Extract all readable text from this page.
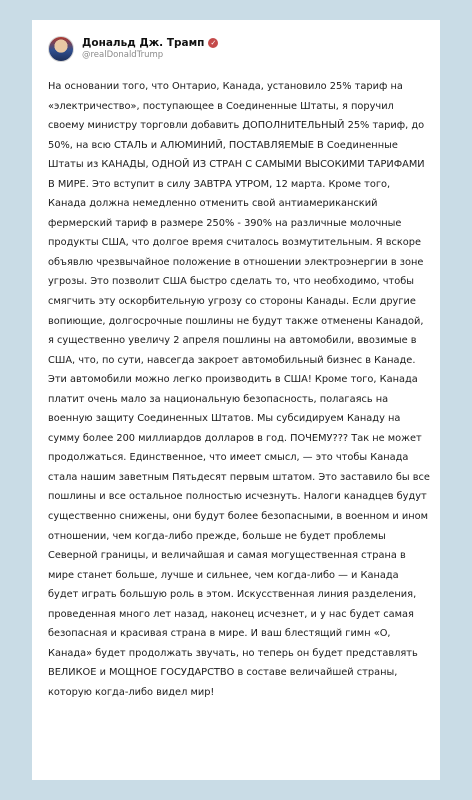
Дональд Дж. Трамп ✓
@realDonaldTrump
На основании того, что Онтарио, Канада, установило 25% тариф на «электричество», поступающее в Соединенные Штаты, я поручил своему министру торговли добавить ДОПОЛНИТЕЛЬНЫЙ 25% тариф, до 50%, на всю СТАЛЬ и АЛЮМИНИЙ, ПОСТАВЛЯЕМЫЕ В Соединенные Штаты из КАНАДЫ, ОДНОЙ ИЗ СТРАН С САМЫМИ ВЫСОКИМИ ТАРИФАМИ В МИРЕ. Это вступит в силу ЗАВТРА УТРОМ, 12 марта. Кроме того, Канада должна немедленно отменить свой антиамериканский фермерский тариф в размере 250% - 390% на различные молочные продукты США, что долгое время считалось возмутительным. Я вскоре объявлю чрезвычайное положение в отношении электроэнергии в зоне угрозы. Это позволит США быстро сделать то, что необходимо, чтобы смягчить эту оскорбительную угрозу со стороны Канады. Если другие вопиющие, долгосрочные пошлины не будут также отменены Канадой, я существенно увеличу 2 апреля пошлины на автомобили, ввозимые в США, что, по сути, навсегда закроет автомобильный бизнес в Канаде. Эти автомобили можно легко производить в США! Кроме того, Канада платит очень мало за национальную безопасность, полагаясь на военную защиту Соединенных Штатов. Мы субсидируем Канаду на сумму более 200 миллиардов долларов в год. ПОЧЕМУ??? Так не может продолжаться. Единственное, что имеет смысл, — это чтобы Канада стала нашим заветным Пятьдесят первым штатом. Это заставило бы все пошлины и все остальное полностью исчезнуть. Налоги канадцев будут существенно снижены, они будут более безопасными, в военном и ином отношении, чем когда-либо прежде, больше не будет проблемы Северной границы, и величайшая и самая могущественная страна в мире станет больше, лучше и сильнее, чем когда-либо — и Канада будет играть большую роль в этом. Искусственная линия разделения, проведенная много лет назад, наконец исчезнет, и у нас будет самая безопасная и красивая страна в мире. И ваш блестящий гимн «О, Канада» будет продолжать звучать, но теперь он будет представлять ВЕЛИКОЕ и МОЩНОЕ ГОСУДАРСТВО в составе величайшей страны, которую когда-либо видел мир!
